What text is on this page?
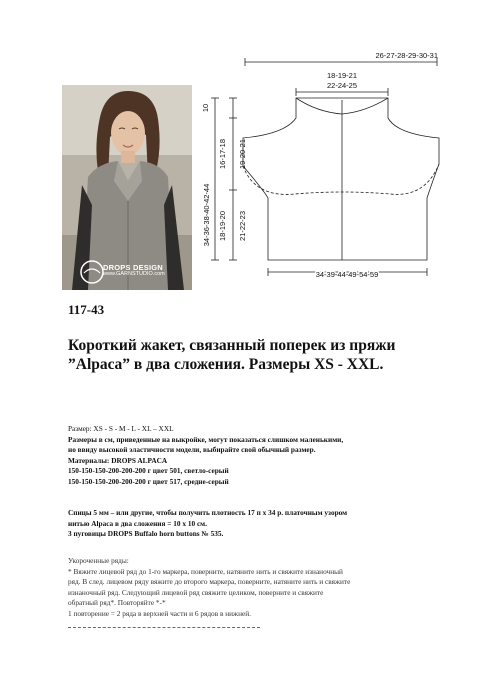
DROPS DESIGN
www.GARNSTUDIO.com
26-27-28-29-30-31
18-19-21
22-24-25
10
34-36-38-40-42-44
16-17-18 19-20-21
18-19-20 21-22-23
34-39-44-49-54-59
117-43
Короткий жакет, связанный поперек из пряжи ”Alpaca” в два сложения. Размеры XS - XXL.
Размер: XS - S - M - L - XL – XXL
Размеры в см, приведенные на выкройке, могут показаться слишком маленькими,
но ввиду высокой эластичности модели, выбирайте свой обычный размер.
Материалы: DROPS ALPACA
150-150-150-200-200-200 г цвет 501, светло-серый
150-150-150-200-200-200 г цвет 517, средне-серый
Спицы 5 мм – или другие, чтобы получить плотность 17 п х 34 р. платочным узором
нитью Alpaca в два сложения = 10 х 10 см.
3 пуговицы DROPS Buffalo horn buttons № 535.
Укороченные ряды:
* Вяжите лицевой ряд до 1-го маркера, поверните, натяните нить и свяжите изнаночный
ряд. В след. лицевом ряду вяжите до второго маркера, поверните, натяните нить и свяжите
изнаночный ряд. Следующий лицевой ряд свяжите целиком, поверните и свяжите
обратный ряд*. Повторяйте *-*
1 повторение = 2 ряда в верхней части и 6 рядов в нижней.
